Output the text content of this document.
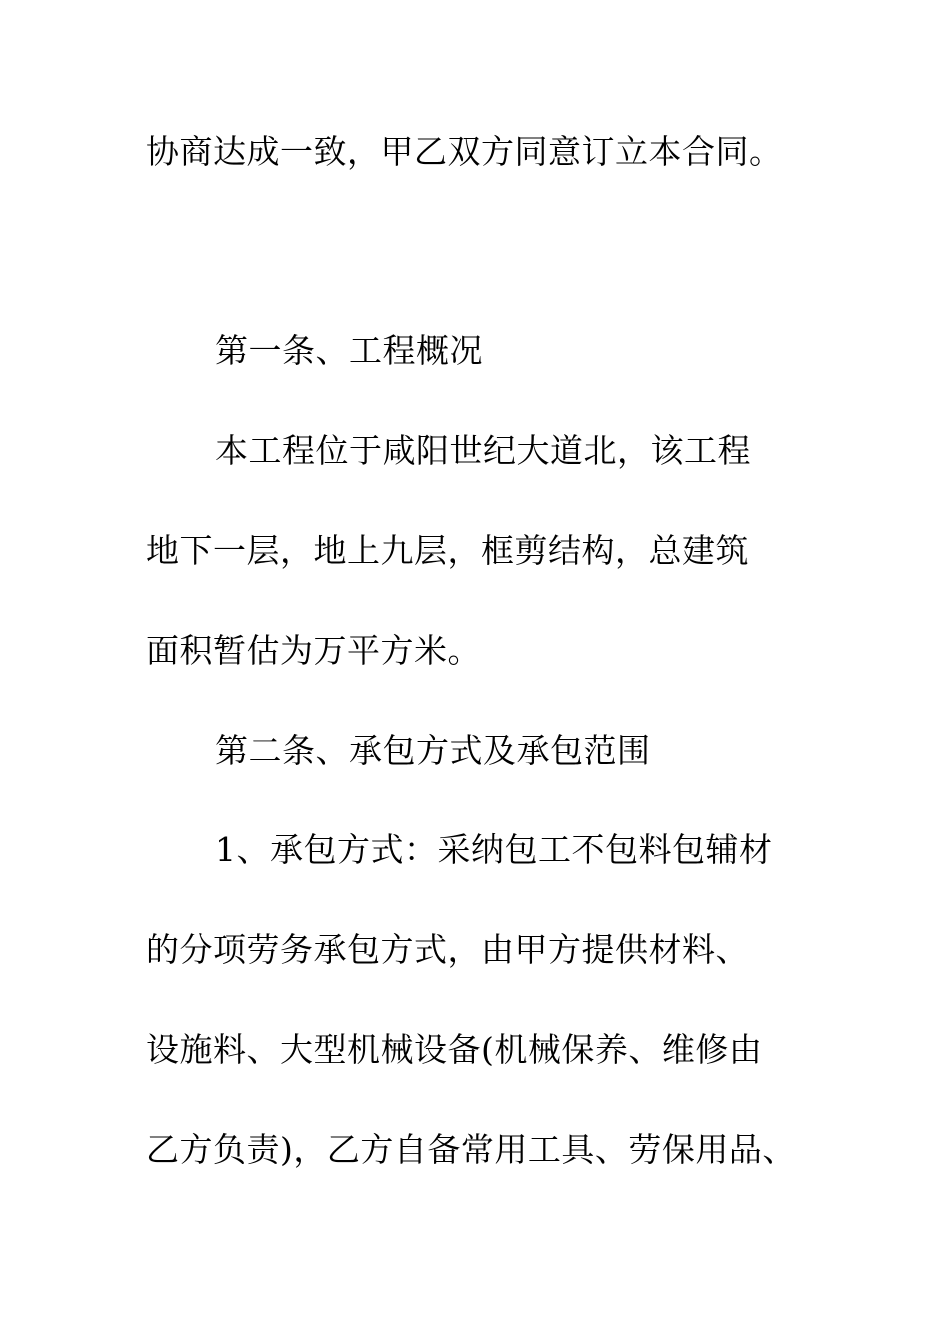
协商达成一致，甲乙双方同意订立本合同。
第一条、工程概况
本工程位于咸阳世纪大道北，该工程
地下一层，地上九层，框剪结构，总建筑
面积暂估为万平方米。
第二条、承包方式及承包范围
1、承包方式：采纳包工不包料包辅材
的分项劳务承包方式，由甲方提供材料、
设施料、大型机械设备(机械保养、维修由
乙方负责)，乙方自备常用工具、劳保用品、
